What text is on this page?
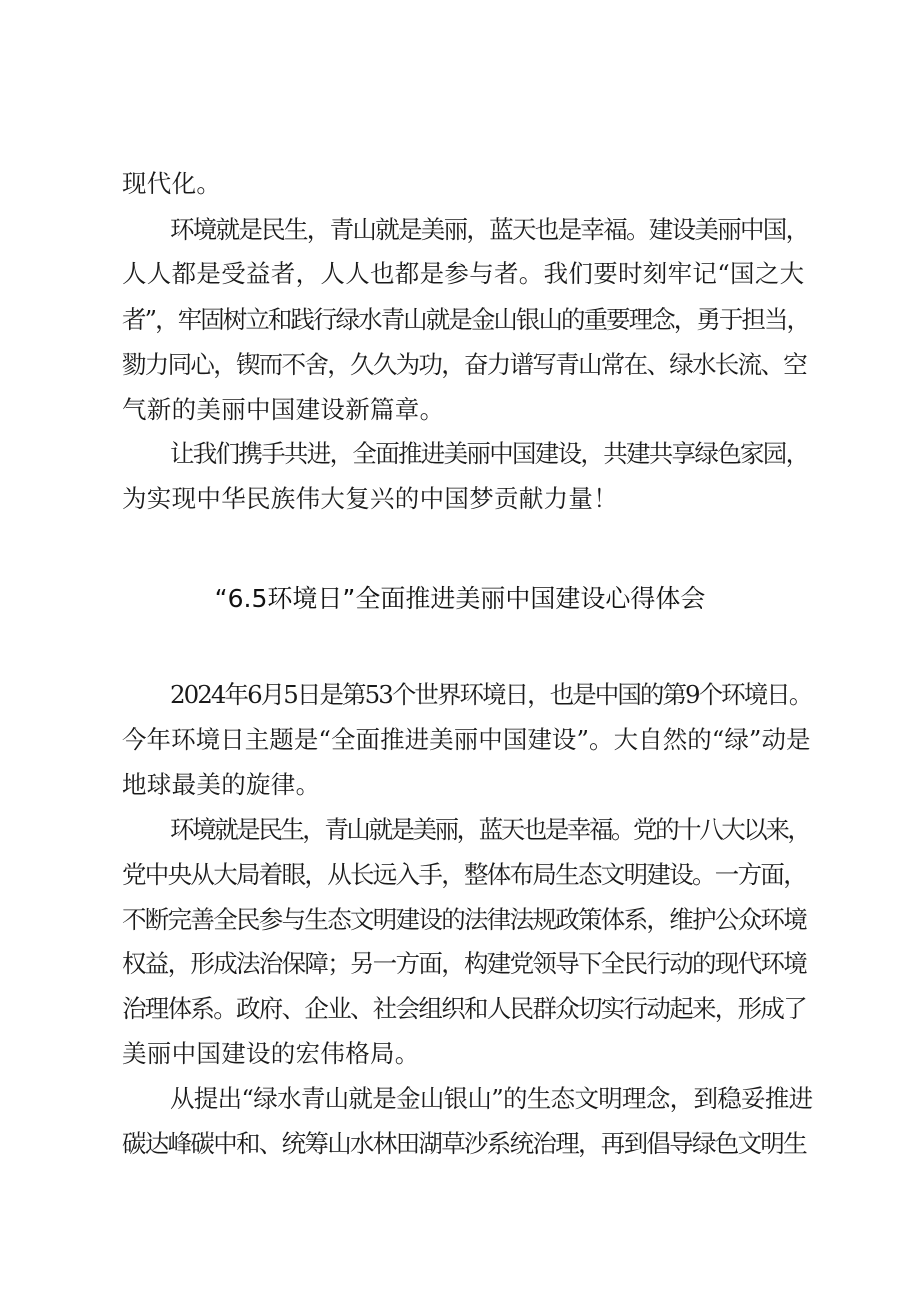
现代化。
环境就是民生，青山就是美丽，蓝天也是幸福。建设美丽中国，
人人都是受益者，人人也都是参与者。我们要时刻牢记“国之大
者”，牢固树立和践行绿水青山就是金山银山的重要理念，勇于担当，
勠力同心，锲而不舍，久久为功，奋力谱写青山常在、绿水长流、空
气新的美丽中国建设新篇章。
让我们携手共进，全面推进美丽中国建设，共建共享绿色家园，
为实现中华民族伟大复兴的中国梦贡献力量！
“6.5环境日”全面推进美丽中国建设心得体会
2024年6月5日是第53个世界环境日，也是中国的第9个环境日。
今年环境日主题是“全面推进美丽中国建设”。大自然的“绿”动是
地球最美的旋律。
环境就是民生，青山就是美丽，蓝天也是幸福。党的十八大以来，
党中央从大局着眼，从长远入手，整体布局生态文明建设。一方面，
不断完善全民参与生态文明建设的法律法规政策体系，维护公众环境
权益，形成法治保障；另一方面，构建党领导下全民行动的现代环境
治理体系。政府、企业、社会组织和人民群众切实行动起来，形成了
美丽中国建设的宏伟格局。
从提出“绿水青山就是金山银山”的生态文明理念，到稳妥推进
碳达峰碳中和、统筹山水林田湖草沙系统治理，再到倡导绿色文明生
